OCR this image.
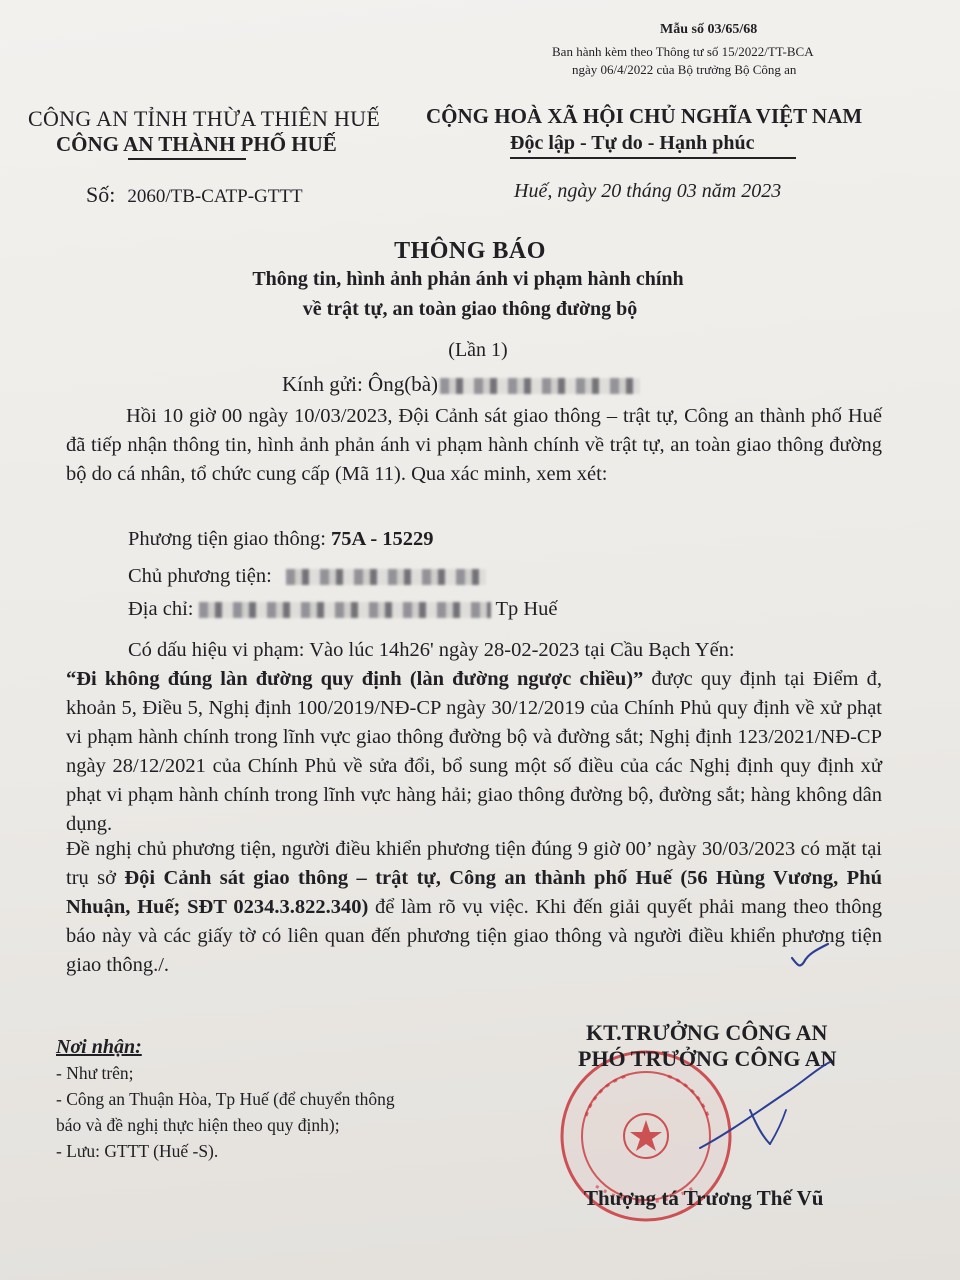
Mẫu số 03/65/68
Ban hành kèm theo Thông tư số 15/2022/TT-BCA
ngày 06/4/2022 của Bộ trưởng Bộ Công an
CÔNG AN TỈNH THỪA THIÊN HUẾ
CÔNG AN THÀNH PHỐ HUẾ
CỘNG HOÀ XÃ HỘI CHỦ NGHĨA VIỆT NAM
Độc lập - Tự do - Hạnh phúc
Số: 2060/TB-CATP-GTTT	Huế, ngày 20 tháng 03 năm 2023
THÔNG BÁO
Thông tin, hình ảnh phản ánh vi phạm hành chính
về trật tự, an toàn giao thông đường bộ
(Lần 1)
Kính gửi: Ông(bà)
Hồi 10 giờ 00 ngày 10/03/2023, Đội Cảnh sát giao thông – trật tự, Công an thành phố Huế đã tiếp nhận thông tin, hình ảnh phản ánh vi phạm hành chính về trật tự, an toàn giao thông đường bộ do cá nhân, tổ chức cung cấp (Mã 11). Qua xác minh, xem xét:
Phương tiện giao thông: 75A - 15229
Chủ phương tiện:
Địa chỉ:	Tp Huế
Có dấu hiệu vi phạm: Vào lúc 14h26' ngày 28-02-2023 tại Cầu Bạch Yến:
“Đi không đúng làn đường quy định (làn đường ngược chiều)” được quy định tại Điểm đ, khoản 5, Điều 5, Nghị định 100/2019/NĐ-CP ngày 30/12/2019 của Chính Phủ quy định về xử phạt vi phạm hành chính trong lĩnh vực giao thông đường bộ và đường sắt; Nghị định 123/2021/NĐ-CP ngày 28/12/2021 của Chính Phủ về sửa đổi, bổ sung một số điều của các Nghị định quy định xử phạt vi phạm hành chính trong lĩnh vực hàng hải; giao thông đường bộ, đường sắt; hàng không dân dụng.
Đề nghị chủ phương tiện, người điều khiển phương tiện đúng 9 giờ 00’ ngày 30/03/2023 có mặt tại trụ sở Đội Cảnh sát giao thông – trật tự, Công an thành phố Huế (56 Hùng Vương, Phú Nhuận, Huế; SĐT 0234.3.822.340) để làm rõ vụ việc. Khi đến giải quyết phải mang theo thông báo này và các giấy tờ có liên quan đến phương tiện giao thông và người điều khiển phương tiện giao thông./.
Nơi nhận:
- Như trên;
- Công an Thuận Hòa, Tp Huế (để chuyển thông
báo và đề nghị thực hiện theo quy định);
- Lưu: GTTT (Huế -S).
KT.TRƯỞNG CÔNG AN
PHÓ TRƯỞNG CÔNG AN
Thượng tá Trương Thế Vũ
